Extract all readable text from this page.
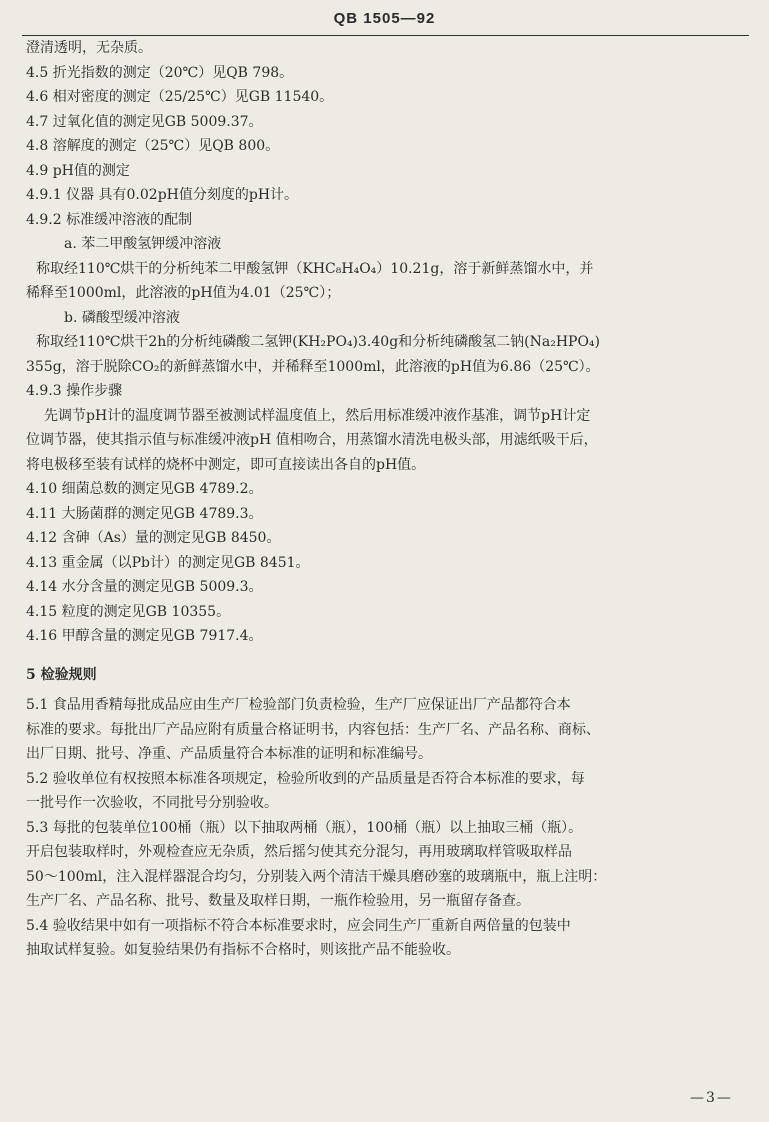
QB 1505—92
澄清透明，无杂质。
4.5 折光指数的测定（20℃）见QB 798。
4.6 相对密度的测定（25/25℃）见GB 11540。
4.7 过氧化值的测定见GB 5009.37。
4.8 溶解度的测定（25℃）见QB 800。
4.9 pH值的测定
4.9.1 仪器 具有0.02pH值分刻度的pH计。
4.9.2 标准缓冲溶液的配制
a. 苯二甲酸氢钾缓冲溶液
称取经110℃烘干的分析纯苯二甲酸氢钾（KHC₈H₄O₄）10.21g，溶于新鲜蒸馏水中，并
稀释至1000ml，此溶液的pH值为4.01（25℃）；
b. 磷酸型缓冲溶液
称取经110℃烘干2h的分析纯磷酸二氢钾(KH₂PO₄)3.40g和分析纯磷酸氢二钠(Na₂HPO₄)
355g，溶于脱除CO₂的新鲜蒸馏水中，并稀释至1000ml，此溶液的pH值为6.86（25℃）。
4.9.3 操作步骤
先调节pH计的温度调节器至被测试样温度值上，然后用标准缓冲液作基准，调节pH计定
位调节器，使其指示值与标准缓冲液pH 值相吻合，用蒸馏水清洗电极头部，用滤纸吸干后，
将电极移至装有试样的烧杯中测定，即可直接读出各自的pH值。
4.10 细菌总数的测定见GB 4789.2。
4.11 大肠菌群的测定见GB 4789.3。
4.12 含砷（As）量的测定见GB 8450。
4.13 重金属（以Pb计）的测定见GB 8451。
4.14 水分含量的测定见GB 5009.3。
4.15 粒度的测定见GB 10355。
4.16 甲醇含量的测定见GB 7917.4。
5 检验规则
5.1 食品用香精每批成品应由生产厂检验部门负责检验，生产厂应保证出厂产品都符合本
标准的要求。每批出厂产品应附有质量合格证明书，内容包括：生产厂名、产品名称、商标、
出厂日期、批号、净重、产品质量符合本标准的证明和标准编号。
5.2 验收单位有权按照本标准各项规定，检验所收到的产品质量是否符合本标准的要求，每
一批号作一次验收，不同批号分别验收。
5.3 每批的包装单位100桶（瓶）以下抽取两桶（瓶），100桶（瓶）以上抽取三桶（瓶）。
开启包装取样时，外观检查应无杂质，然后摇匀使其充分混匀，再用玻璃取样管吸取样品
50～100ml，注入混样器混合均匀，分别装入两个清洁干燥具磨砂塞的玻璃瓶中，瓶上注明：
生产厂名、产品名称、批号、数量及取样日期，一瓶作检验用，另一瓶留存备查。
5.4 验收结果中如有一项指标不符合本标准要求时，应会同生产厂重新自两倍量的包装中
抽取试样复验。如复验结果仍有指标不合格时，则该批产品不能验收。
—3—
